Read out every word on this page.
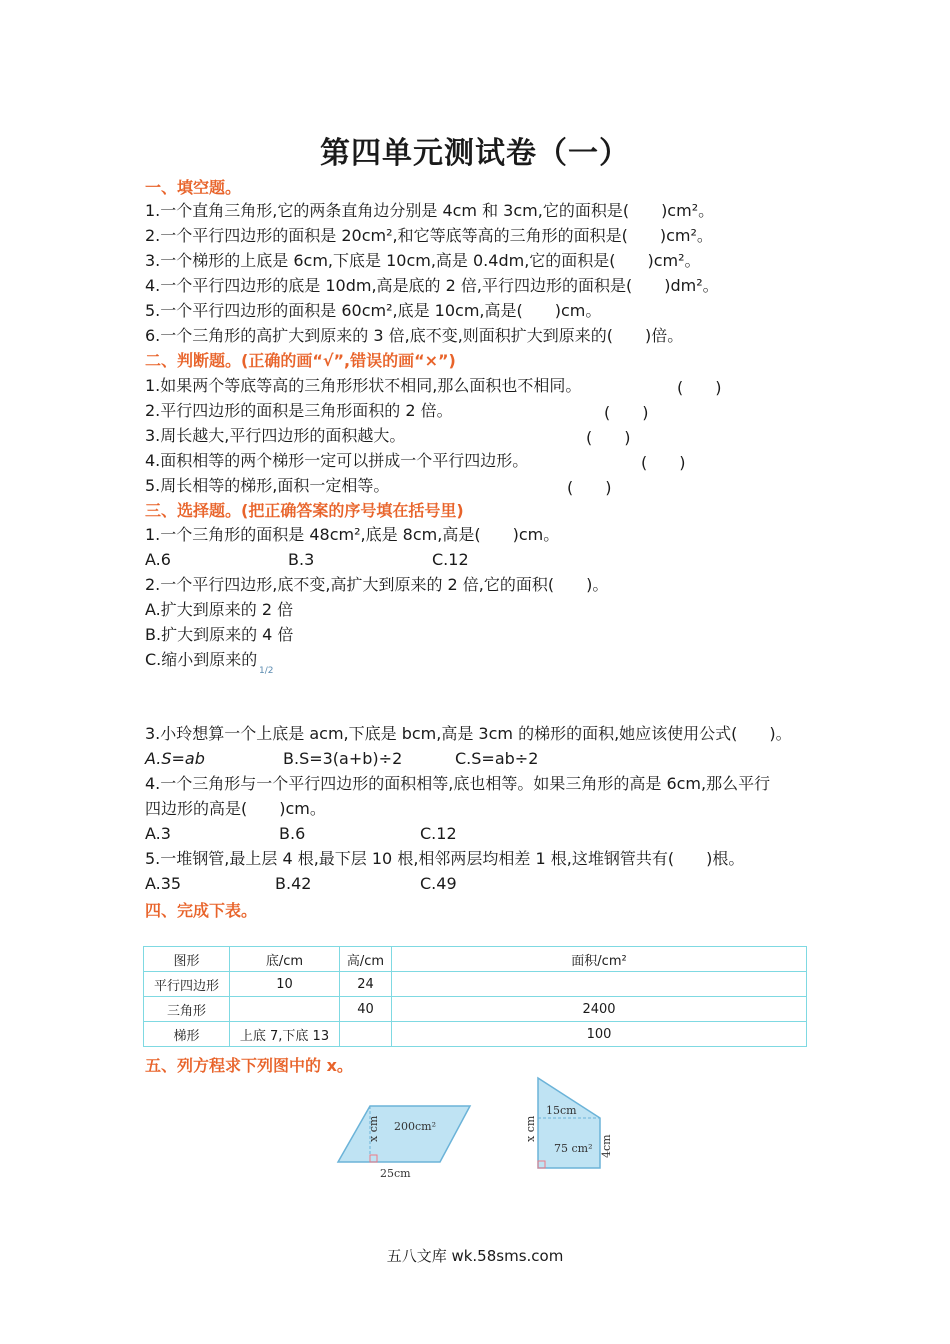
第四单元测试卷（一）
一、填空题。
1.一个直角三角形,它的两条直角边分别是 4cm 和 3cm,它的面积是(　　)cm²。
2.一个平行四边形的面积是 20cm²,和它等底等高的三角形的面积是(　　)cm²。
3.一个梯形的上底是 6cm,下底是 10cm,高是 0.4dm,它的面积是(　　)cm²。
4.一个平行四边形的底是 10dm,高是底的 2 倍,平行四边形的面积是(　　)dm²。
5.一个平行四边形的面积是 60cm²,底是 10cm,高是(　　)cm。
6.一个三角形的高扩大到原来的 3 倍,底不变,则面积扩大到原来的(　　)倍。
二、判断题。(正确的画“√”,错误的画“×”)
1.如果两个等底等高的三角形形状不相同,那么面积也不相同。	(　　)
2.平行四边形的面积是三角形面积的 2 倍。	(　　)
3.周长越大,平行四边形的面积越大。	(　　)
4.面积相等的两个梯形一定可以拼成一个平行四边形。	(　　)
5.周长相等的梯形,面积一定相等。	(　　)
三、选择题。(把正确答案的序号填在括号里)
1.一个三角形的面积是 48cm²,底是 8cm,高是(　　)cm。
A.6	B.3	C.12
2.一个平行四边形,底不变,高扩大到原来的 2 倍,它的面积(　　)。
A.扩大到原来的 2 倍
B.扩大到原来的 4 倍
C.缩小到原来的
1/2
3.小玲想算一个上底是 acm,下底是 bcm,高是 3cm 的梯形的面积,她应该使用公式(　　)。
A.S=ab	B.S=3(a+b)÷2	C.S=ab÷2
4.一个三角形与一个平行四边形的面积相等,底也相等。如果三角形的高是 6cm,那么平行
四边形的高是(　　)cm。
A.3	B.6	C.12
5.一堆钢管,最上层 4 根,最下层 10 根,相邻两层均相差 1 根,这堆钢管共有(　　)根。
A.35	B.42	C.49
四、完成下表。
图形	底/cm	高/cm	面积/cm²
平行四边形	10	24	
三角形		40	2400
梯形	上底 7,下底 13		100
五、列方程求下列图中的 x。
200cm²
x cm
25cm
15cm
x cm
75 cm² 4cm
五八文库 wk.58sms.com
